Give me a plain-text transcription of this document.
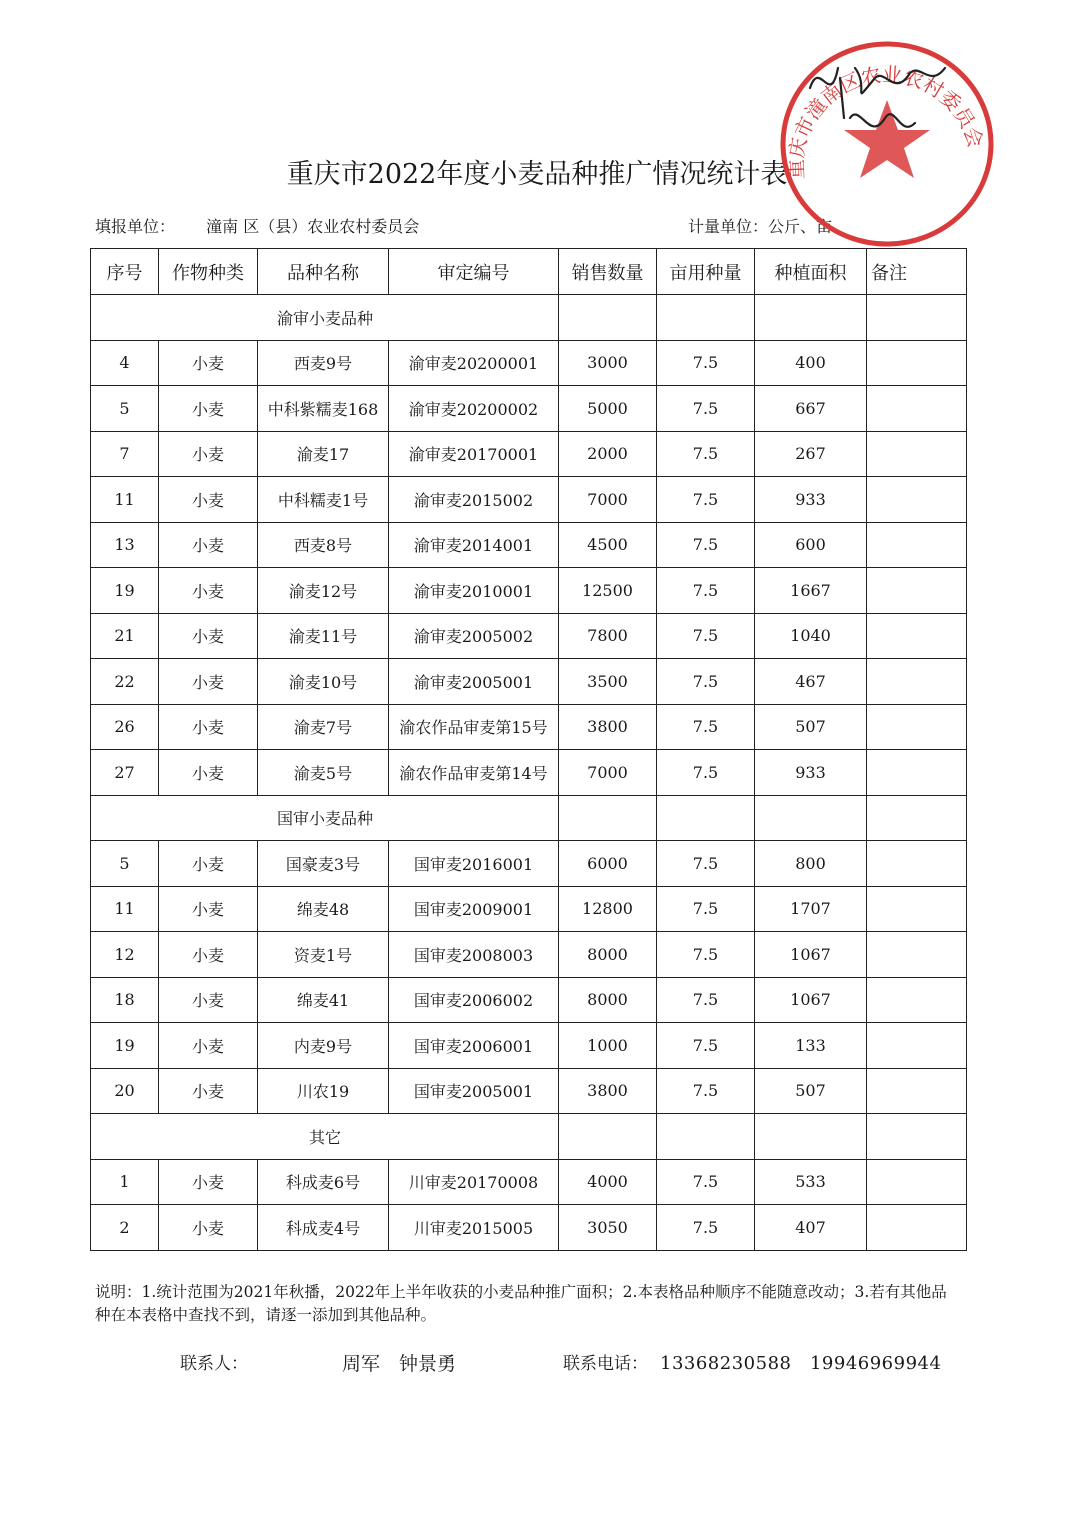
重庆市2022年度小麦品种推广情况统计表
填报单位： 潼南 区（县）农业农村委员会	计量单位：公斤、亩
序号	作物种类	品种名称	审定编号	销售数量	亩用种量	种植面积	备注
渝审小麦品种							
4	小麦	西麦9号	渝审麦20200001	3000	7.5	400	
5	小麦	中科紫糯麦168	渝审麦20200002	5000	7.5	667	
7	小麦	渝麦17	渝审麦20170001	2000	7.5	267	
11	小麦	中科糯麦1号	渝审麦2015002	7000	7.5	933	
13	小麦	西麦8号	渝审麦2014001	4500	7.5	600	
19	小麦	渝麦12号	渝审麦2010001	12500	7.5	1667	
21	小麦	渝麦11号	渝审麦2005002	7800	7.5	1040	
22	小麦	渝麦10号	渝审麦2005001	3500	7.5	467	
26	小麦	渝麦7号	渝农作品审麦第15号	3800	7.5	507	
27	小麦	渝麦5号	渝农作品审麦第14号	7000	7.5	933	
国审小麦品种							
5	小麦	国豪麦3号	国审麦2016001	6000	7.5	800	
11	小麦	绵麦48	国审麦2009001	12800	7.5	1707	
12	小麦	资麦1号	国审麦2008003	8000	7.5	1067	
18	小麦	绵麦41	国审麦2006002	8000	7.5	1067	
19	小麦	内麦9号	国审麦2006001	1000	7.5	133	
20	小麦	川农19	国审麦2005001	3800	7.5	507	
其它							
1	小麦	科成麦6号	川审麦20170008	4000	7.5	533	
2	小麦	科成麦4号	川审麦2015005	3050	7.5	407	
说明：1.统计范围为2021年秋播，2022年上半年收获的小麦品种推广面积；2.本表格品种顺序不能随意改动；3.若有其他品种在本表格中查找不到，请逐一添加到其他品种。
联系人：	周军　钟景勇	联系电话： 13368230588　19946969944
重庆市潼南区农业农村委员会
